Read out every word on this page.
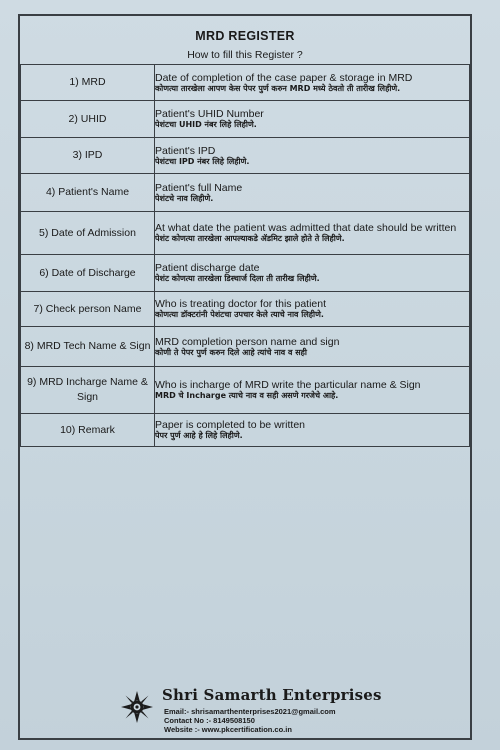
MRD REGISTER
How to fill this Register ?
1) MRD	Date of completion of the case paper & storage in MRD
कोणत्या तारखेला आपण केस पेपर पुर्ण करुन MRD मध्ये ठेवतो ती तारीख लिहीणे.

2) UHID	Patient's UHID Number
पेशंटचा UHID नंबर लिहे लिहीणे.

3) IPD	Patient's IPD
पेशंटचा IPD नंबर लिहे लिहीणे.

4) Patient's Name	Patient's full Name
पेशंटचे नाव लिहीणे.

5) Date of Admission	At what date the patient was admitted that date should be written
पेशंट कोणत्या तारखेला आपल्याकडे ॲडमिट झाले होते ते लिहीणे.

6) Date of Discharge	Patient discharge date
पेशंट कोणत्या तारखेला डिस्चार्ज दिला ती तारीख लिहीणे.

7) Check person Name	Who is treating doctor for this patient
कोणत्या डॉक्टरांनी पेशंटचा उपचार केले त्याचे नाव लिहीणे.

8) MRD Tech Name & Sign	MRD completion person name and sign
कोणी ते पेपर पुर्ण करुन दिले आहे त्यांचे नाव व सही

9) MRD Incharge Name & Sign	Who is incharge of MRD write the particular name & Sign
MRD चे Incharge त्याचे नाव व सही असणे गरजेचे आहे.

10) Remark	Paper is completed to be written
पेपर पुर्ण आहे हे लिहे लिहीणे.
Shri Samarth Enterprises
Email:- shrisamarthenterprises2021@gmail.com
Contact No :- 8149508150
Website :- www.pkcertification.co.in
